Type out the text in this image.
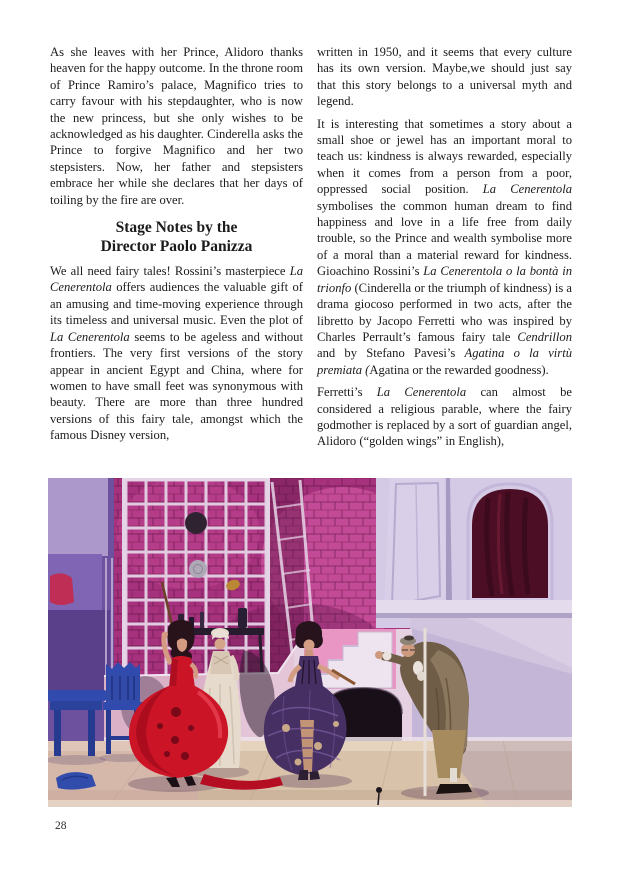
As she leaves with her Prince, Alidoro thanks heaven for the happy outcome. In the throne room of Prince Ramiro’s palace, Magnifico tries to carry favour with his stepdaughter, who is now the new princess, but she only wishes to be acknowledged as his daughter. Cinderella asks the Prince to forgive Magnifico and her two stepsisters. Now, her father and stepsisters embrace her while she declares that her days of toiling by the fire are over.

Stage Notes by the
Director Paolo Panizza

We all need fairy tales! Rossini’s masterpiece La Cenerentola offers audiences the valuable gift of an amusing and time-moving experience through its timeless and universal music. Even the plot of La Cenerentola seems to be ageless and without frontiers. The very first versions of the story appear in ancient Egypt and China, where for women to have small feet was synonymous with beauty. There are more than three hundred versions of this fairy tale, amongst which the famous Disney version,

written in 1950, and it seems that every culture has its own version. Maybe,we should just say that this story belongs to a universal myth and legend.

It is interesting that sometimes a story about a small shoe or jewel has an important moral to teach us: kindness is always rewarded, especially when it comes from a person from a poor, oppressed social position. La Cenerentola symbolises the common human dream to find happiness and love in a life free from daily trouble, so the Prince and wealth symbolise more of a moral than a material reward for kindness. Gioachino Rossini’s La Cenerentola o la bontà in trionfo (Cinderella or the triumph of kindness) is a drama giocoso performed in two acts, after the libretto by Jacopo Ferretti who was inspired by Charles Perrault’s famous fairy tale Cendrillon and by Stefano Pavesi’s Agatina o la virtù premiata (Agatina or the rewarded goodness).

Ferretti’s La Cenerentola can almost be considered a religious parable, where the fairy godmother is replaced by a sort of guardian angel, Alidoro (“golden wings” in English),

28
